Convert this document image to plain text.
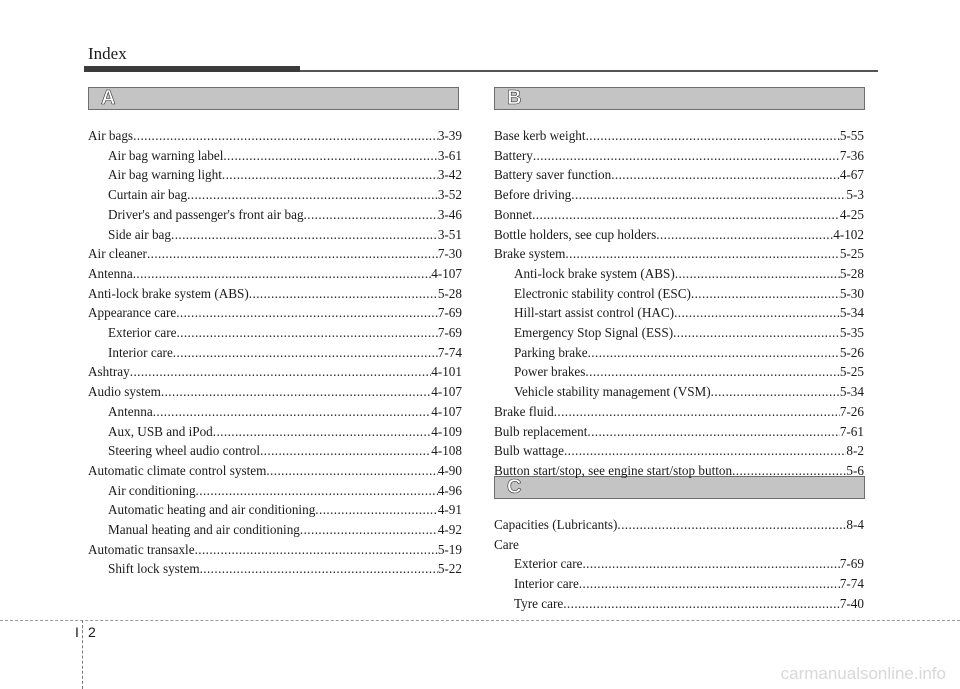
Index
A	B
C
Air bags .....	3-39
Air bag warning label .....	3-61
Air bag warning light .....	3-42
Curtain air bag .....	3-52
Driver's and passenger's front air bag .....	3-46
Side air bag .....	3-51
Air cleaner .....	7-30
Antenna .....	4-107
Anti-lock brake system (ABS) .....	5-28
Appearance care .....	7-69
Exterior care .....	7-69
Interior care .....	7-74
Ashtray .....	4-101
Audio system .....	4-107
Antenna .....	4-107
Aux, USB and iPod .....	4-109
Steering wheel audio control .....	4-108
Automatic climate control system .....	4-90
Air conditioning .....	4-96
Automatic heating and air conditioning .....	4-91
Manual heating and air conditioning .....	4-92
Automatic transaxle .....	5-19
Shift lock system .....	5-22
Base kerb weight .....	5-55
Battery .....	7-36
Battery saver function .....	4-67
Before driving .....	5-3
Bonnet .....	4-25
Bottle holders, see cup holders .....	4-102
Brake system .....	5-25
Anti-lock brake system (ABS) .....	5-28
Electronic stability control (ESC) .....	5-30
Hill-start assist control (HAC) .....	5-34
Emergency Stop Signal (ESS) .....	5-35
Parking brake .....	5-26
Power brakes .....	5-25
Vehicle stability management (VSM) .....	5-34
Brake fluid .....	7-26
Bulb replacement .....	7-61
Bulb wattage .....	8-2
Button start/stop, see engine start/stop button .....	5-6
Capacities (Lubricants) .....	8-4
Care
Exterior care .....	7-69
Interior care .....	7-74
Tyre care .....	7-40
I 2
carmanualsonline.info
